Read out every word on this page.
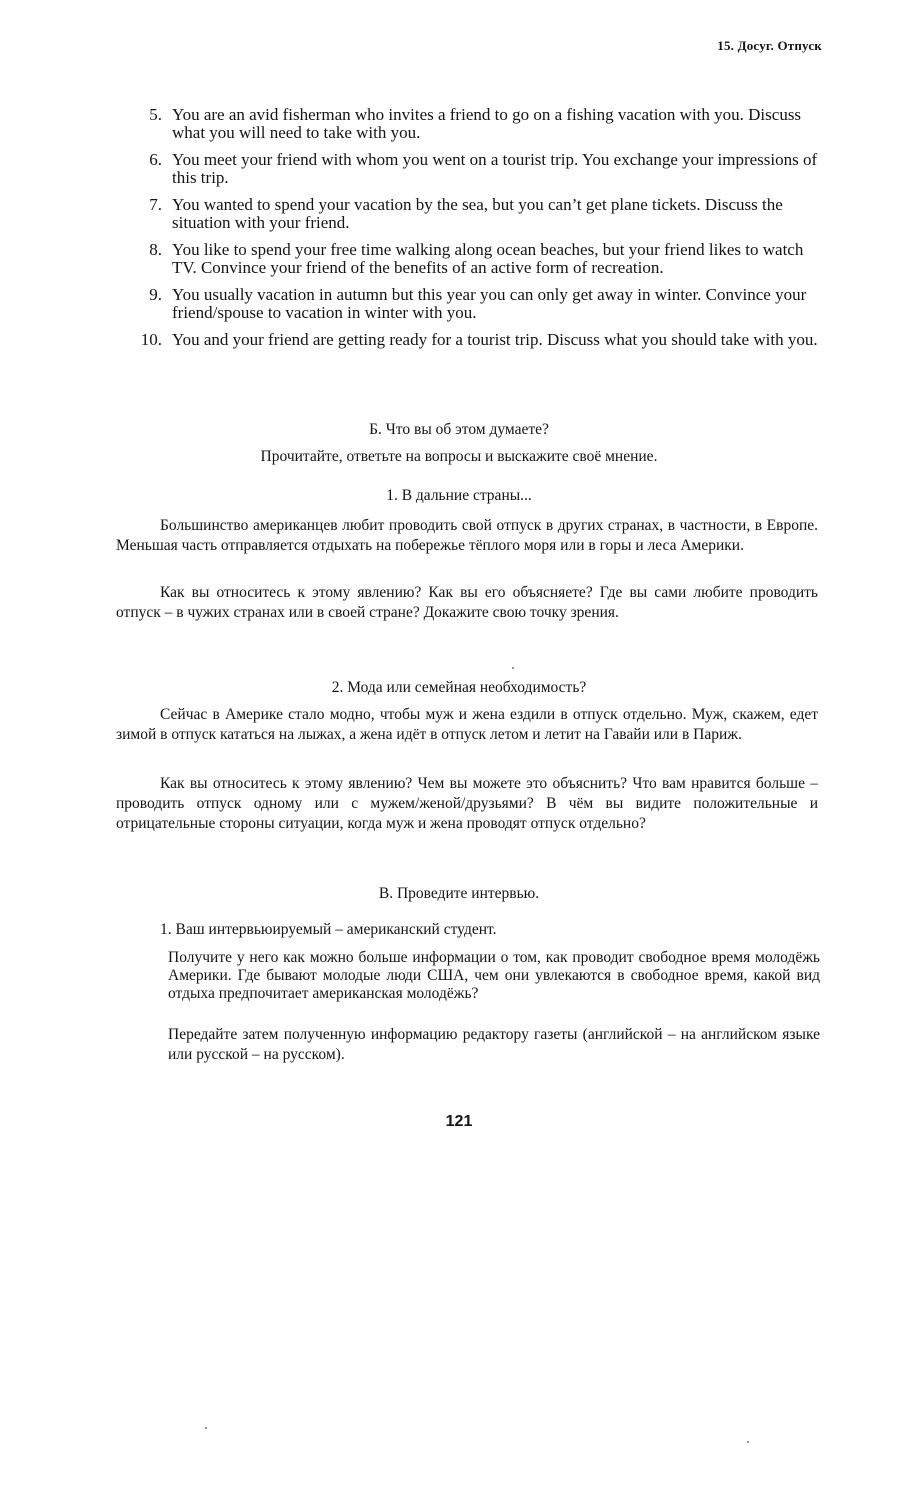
15. Досуг. Отпуск
5. You are an avid fisherman who invites a friend to go on a fishing vacation with you. Discuss what you will need to take with you.
6. You meet your friend with whom you went on a tourist trip. You exchange your impressions of this trip.
7. You wanted to spend your vacation by the sea, but you can’t get plane tickets. Discuss the situation with your friend.
8. You like to spend your free time walking along ocean beaches, but your friend likes to watch TV. Convince your friend of the benefits of an active form of recreation.
9. You usually vacation in autumn but this year you can only get away in winter. Convince your friend/spouse to vacation in winter with you.
10. You and your friend are getting ready for a tourist trip. Discuss what you should take with you.
Б. Что вы об этом думаете?
Прочитайте, ответьте на вопросы и выскажите своё мнение.
1. В дальние страны...

Большинство американцев любит проводить свой отпуск в других странах, в частности, в Европе. Меньшая часть отправляется отдыхать на побережье тёплого моря или в горы и леса Америки.

Как вы относитесь к этому явлению? Как вы его объясняете? Где вы сами любите проводить отпуск – в чужих странах или в своей стране? Докажите свою точку зрения.

2. Мода или семейная необходимость?

Сейчас в Америке стало модно, чтобы муж и жена ездили в отпуск отдельно. Муж, скажем, едет зимой в отпуск кататься на лыжах, а жена идёт в отпуск летом и летит на Гавайи или в Париж.

Как вы относитесь к этому явлению? Чем вы можете это объяснить? Что вам нравится больше – проводить отпуск одному или с мужем/женой/друзьями? В чём вы видите положительные и отрицательные стороны ситуации, когда муж и жена проводят отпуск отдельно?

В. Проведите интервью.
1. Ваш интервьюируемый – американский студент.

Получите у него как можно больше информации о том, как проводит свободное время молодёжь Америки. Где бывают молодые люди США, чем они увлекаются в свободное время, какой вид отдыха предпочитает американская молодёжь?

Передайте затем полученную информацию редактору газеты (английской – на английском языке или русской – на русском).

121
